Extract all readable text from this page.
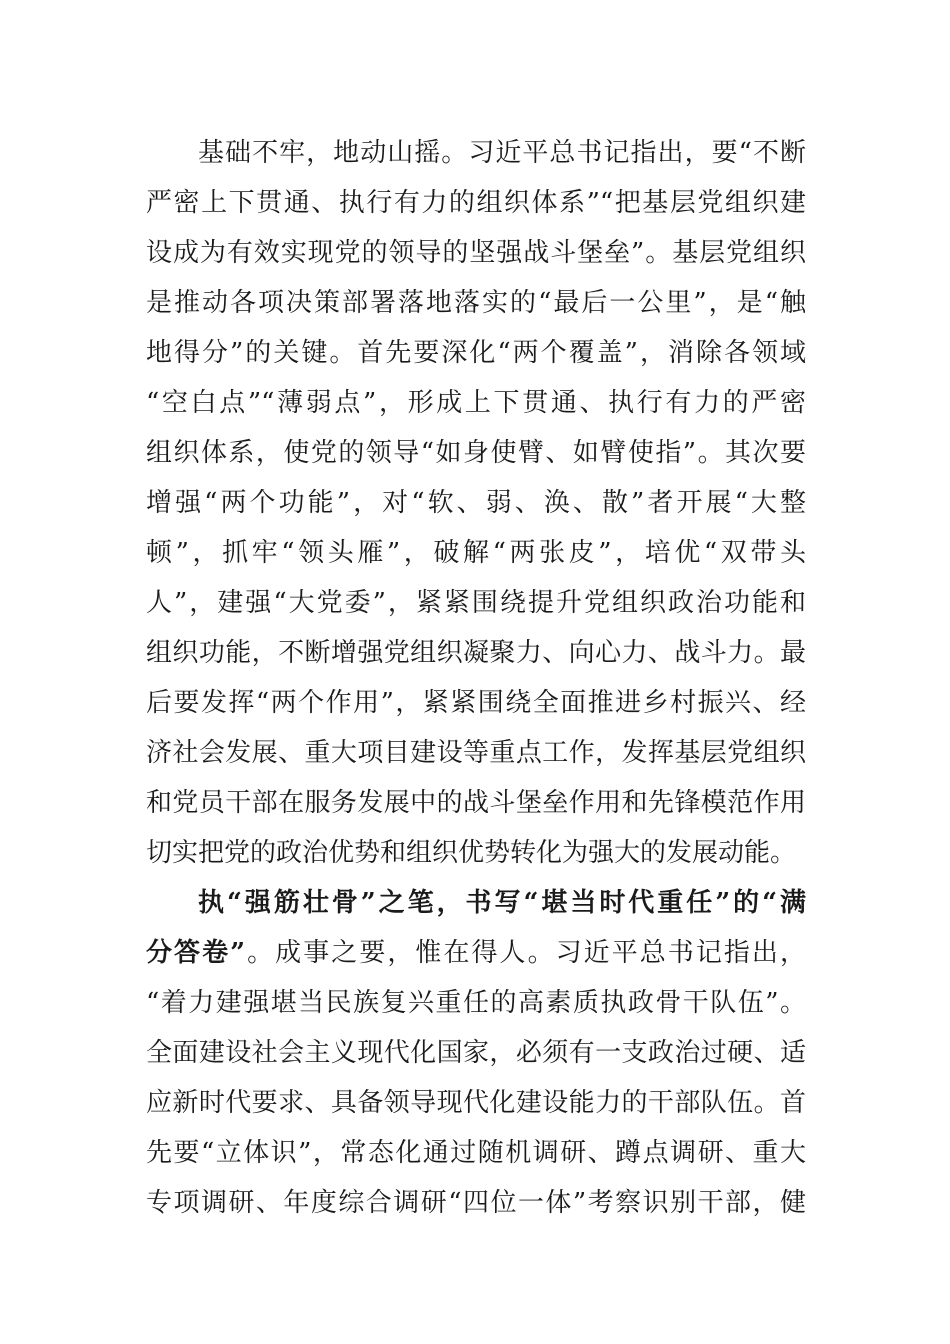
基础不牢，地动山摇。习近平总书记指出，要“不断
严密上下贯通、执行有力的组织体系”“把基层党组织建
设成为有效实现党的领导的坚强战斗堡垒”。基层党组织
是推动各项决策部署落地落实的“最后一公里”，是“触
地得分”的关键。首先要深化“两个覆盖”，消除各领域
“空白点”“薄弱点”，形成上下贯通、执行有力的严密
组织体系，使党的领导“如身使臂、如臂使指”。其次要
增强“两个功能”，对“软、弱、涣、散”者开展“大整
顿”，抓牢“领头雁”，破解“两张皮”，培优“双带头
人”，建强“大党委”，紧紧围绕提升党组织政治功能和
组织功能，不断增强党组织凝聚力、向心力、战斗力。最
后要发挥“两个作用”，紧紧围绕全面推进乡村振兴、经
济社会发展、重大项目建设等重点工作，发挥基层党组织
和党员干部在服务发展中的战斗堡垒作用和先锋模范作用
切实把党的政治优势和组织优势转化为强大的发展动能。
执“强筋壮骨”之笔，书写“堪当时代重任”的“满
分答卷”。成事之要，惟在得人。习近平总书记指出，
“着力建强堪当民族复兴重任的高素质执政骨干队伍”。
全面建设社会主义现代化国家，必须有一支政治过硬、适
应新时代要求、具备领导现代化建设能力的干部队伍。首
先要“立体识”，常态化通过随机调研、蹲点调研、重大
专项调研、年度综合调研“四位一体”考察识别干部，健
